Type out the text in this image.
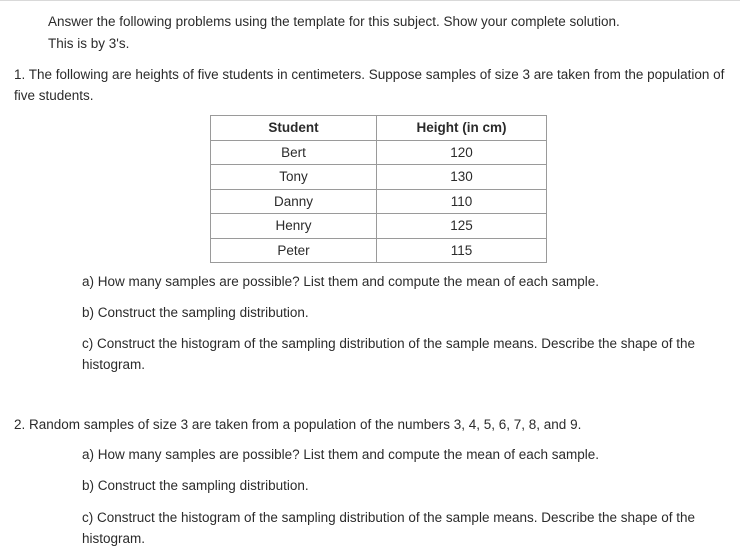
Answer the following problems using the template for this subject. Show your complete solution.
This is by 3's.
1. The following are heights of five students in centimeters. Suppose samples of size 3 are taken from the population of five students.
Student	Height (in cm)
Bert	120
Tony	130
Danny	110
Henry	125
Peter	115
a) How many samples are possible? List them and compute the mean of each sample.
b) Construct the sampling distribution.
c) Construct the histogram of the sampling distribution of the sample means. Describe the shape of the histogram.
2. Random samples of size 3 are taken from a population of the numbers 3, 4, 5, 6, 7, 8, and 9.
a) How many samples are possible? List them and compute the mean of each sample.
b) Construct the sampling distribution.
c) Construct the histogram of the sampling distribution of the sample means. Describe the shape of the histogram.
